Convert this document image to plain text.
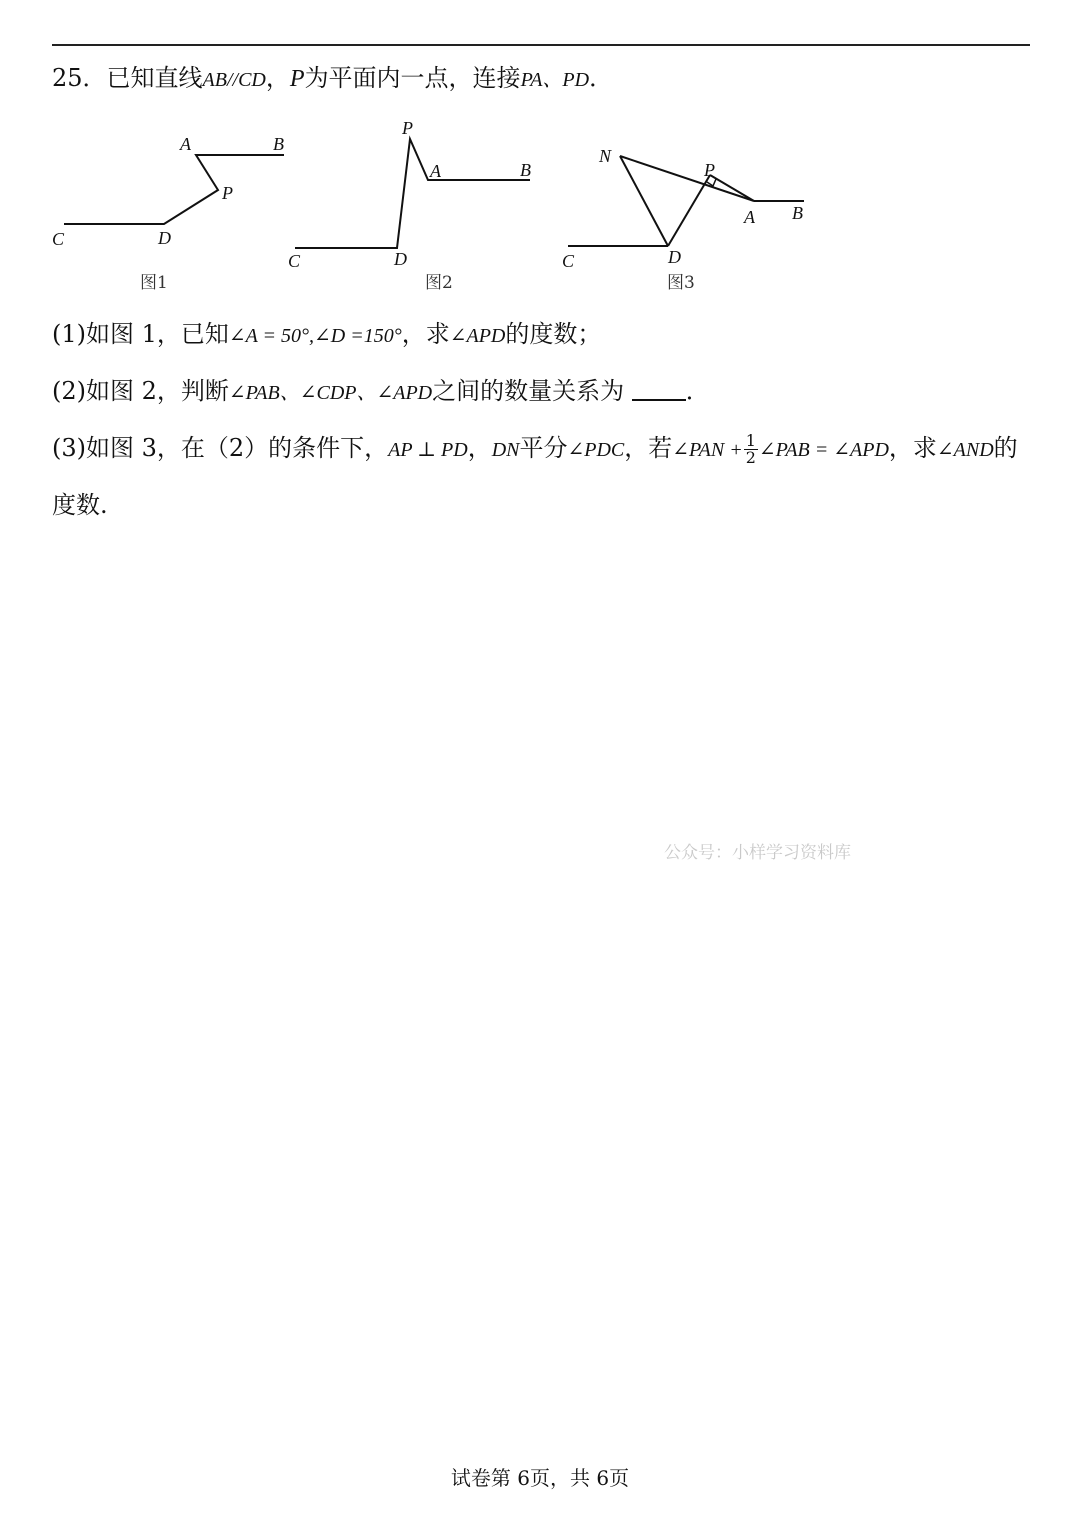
25．已知直线AB//CD，P为平面内一点，连接PA、PD．
A	B
P
C	D
P
A	B
C	D
N
P
A B
C	D
图1	图2	图3
(1)如图 1，已知∠A = 50°,∠D =150°，求∠APD的度数；
(2)如图 2，判断∠PAB、∠CDP、∠APD之间的数量关系为	．
(3)如图 3，在（2）的条件下，AP ⊥ PD，DN平分∠PDC，若∠PAN + $\frac{1}{2}$ ∠PAB = ∠APD，求∠AND的
度数.
公众号：小样学习资料库
试卷第 6页，共 6页
